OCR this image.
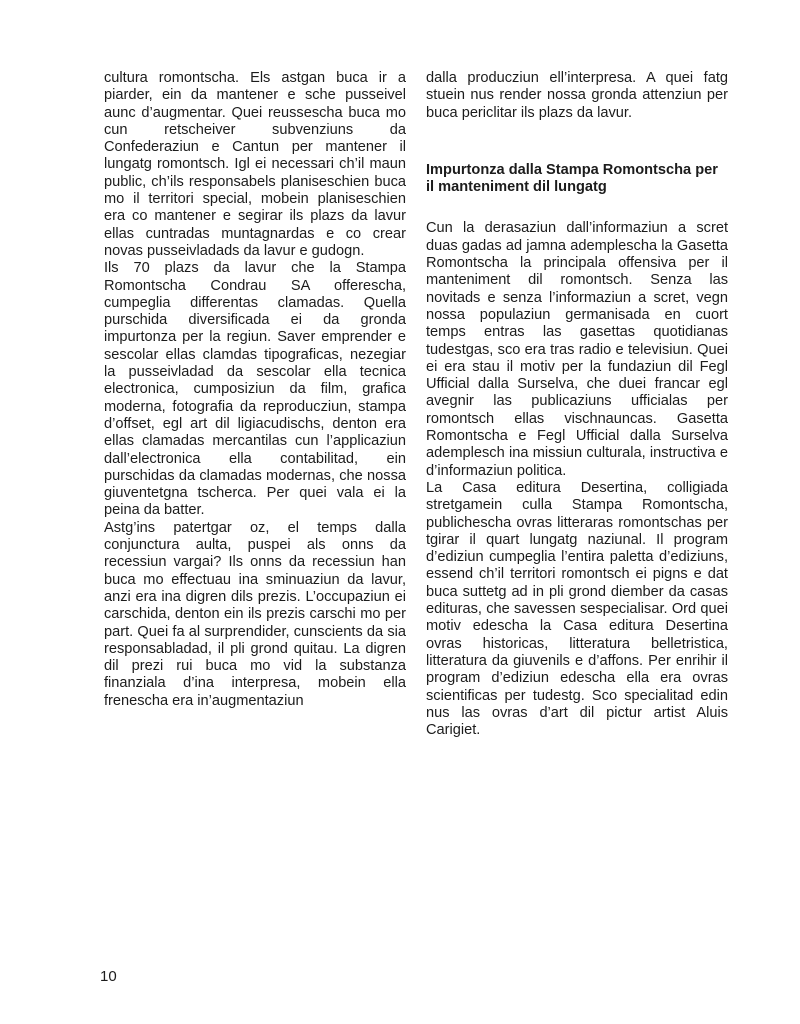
cultura romontscha. Els astgan buca ir a piarder, ein da mantener e sche pusseivel aunc d’augmentar. Quei reussescha buca mo cun retscheiver subvenziuns da Confederaziun e Cantun per mantener il lungatg romontsch. Igl ei necessari ch’il maun public, ch’ils responsabels planiseschien buca mo il territori special, mobein planiseschien era co mantener e segirar ils plazs da lavur ellas cuntradas muntagnardas e co crear novas pusseivladads da lavur e gudogn.

Ils 70 plazs da lavur che la Stampa Romontscha Condrau SA offerescha, cumpeglia differentas clamadas. Quella purschida diversificada ei da gronda impurtonza per la regiun. Saver emprender e sescolar ellas clamdas tipograficas, nezegiar la pusseivladad da sescolar ella tecnica electronica, cumposiziun da film, grafica moderna, fotografia da reproducziun, stampa d’offset, egl art dil ligiacudischs, denton era ellas clamadas mercantilas cun l’applicaziun dall’electronica ella contabilitad, ein purschidas da clamadas modernas, che nossa giuventetgna tscherca. Per quei vala ei la peina da batter.

Astg’ins patertgar oz, el temps dalla conjunctura aulta, puspei als onns da recessiun vargai? Ils onns da recessiun han buca mo effectuau ina sminuaziun da lavur, anzi era ina digren dils prezis. L’occupaziun ei carschida, denton ein ils prezis carschi mo per part. Quei fa al surprendider, cunscients da sia responsabladad, il pli grond quitau. La digren dil prezi rui buca mo vid la substanza finanziala d’ina interpresa, mobein ella frenescha era in’augmentaziun

dalla producziun ell’interpresa. A quei fatg stuein nus render nossa gronda attenziun per buca periclitar ils plazs da lavur.

Impurtonza dalla Stampa Romontscha per il manteniment dil lungatg

Cun la derasaziun dall’informaziun a scret duas gadas ad jamna ademplescha la Gasetta Romontscha la principala offensiva per il manteniment dil romontsch. Senza las novitads e senza l’informaziun a scret, vegn nossa populaziun germanisada en cuort temps entras las gasettas quotidianas tudestgas, sco era tras radio e televisiun. Quei ei era stau il motiv per la fundaziun dil Fegl Ufficial dalla Surselva, che duei francar egl avegnir las publicaziuns ufficialas per romontsch ellas vischnauncas. Gasetta Romontscha e Fegl Ufficial dalla Surselva ademplesch ina missiun culturala, instructiva e d’informaziun politica.

La Casa editura Desertina, colligiada stretgamein culla Stampa Romontscha, publichescha ovras litteraras romontschas per tgirar il quart lungatg naziunal. Il program d’ediziun cumpeglia l’entira paletta d’ediziuns, essend ch’il territori romontsch ei pigns e dat buca suttetg ad in pli grond diember da casas edituras, che savessen sespecialisar. Ord quei motiv edescha la Casa editura Desertina ovras historicas, litteratura belletristica, litteratura da giuvenils e d’affons. Per enrihir il program d’ediziun edescha ella era ovras scientificas per tudestg. Sco specialitad edin nus las ovras d’art dil pictur artist Aluis Carigiet.

10
